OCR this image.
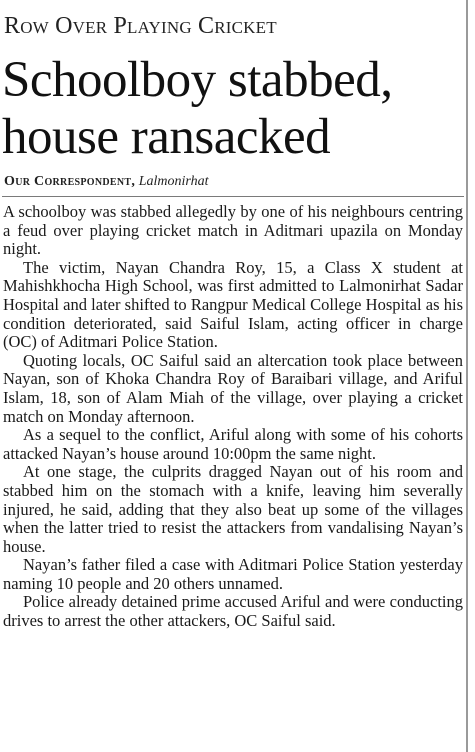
Row Over Playing Cricket
Schoolboy stabbed,
house ransacked
Our Correspondent, Lalmonirhat

A schoolboy was stabbed allegedly by one of his neighbours centring a feud over playing cricket match in Aditmari upazila on Monday night.

The victim, Nayan Chandra Roy, 15, a Class X student at Mahishkhocha High School, was first admitted to Lalmonirhat Sadar Hospital and later shifted to Rangpur Medical College Hospital as his condition deteriorated, said Saiful Islam, acting officer in charge (OC) of Aditmari Police Station.

Quoting locals, OC Saiful said an altercation took place between Nayan, son of Khoka Chandra Roy of Baraibari village, and Ariful Islam, 18, son of Alam Miah of the village, over playing a cricket match on Monday afternoon.

As a sequel to the conflict, Ariful along with some of his cohorts attacked Nayan’s house around 10:00pm the same night.

At one stage, the culprits dragged Nayan out of his room and stabbed him on the stomach with a knife, leaving him severally injured, he said, adding that they also beat up some of the villages when the latter tried to resist the attackers from vandalising Nayan’s house.

Nayan’s father filed a case with Aditmari Police Station yesterday naming 10 people and 20 others unnamed.

Police already detained prime accused Ariful and were conducting drives to arrest the other attackers, OC Saiful said.
